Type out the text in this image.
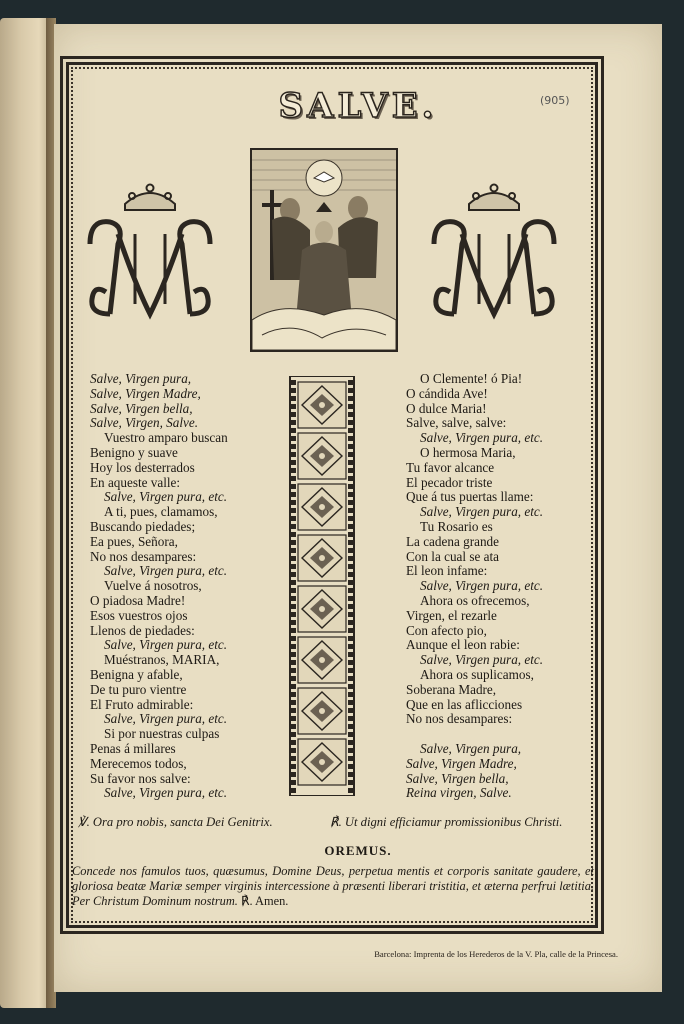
SALVE.	(905)
Salve, Virgen pura,
Salve, Virgen Madre,
Salve, Virgen bella,
Salve, Virgen, Salve.
Vuestro amparo buscan
Benigno y suave
Hoy los desterrados
En aqueste valle:
Salve, Virgen pura, etc.
A ti, pues, clamamos,
Buscando piedades;
Ea pues, Señora,
No nos desampares:
Salve, Virgen pura, etc.
Vuelve á nosotros,
O piadosa Madre!
Esos vuestros ojos
Llenos de piedades:
Salve, Virgen pura, etc.
Muéstranos, MARIA,
Benigna y afable,
De tu puro vientre
El Fruto admirable:
Salve, Virgen pura, etc.
Si por nuestras culpas
Penas á millares
Merecemos todos,
Su favor nos salve:
Salve, Virgen pura, etc.
O Clemente! ó Pia!
O cándida Ave!
O dulce Maria!
Salve, salve, salve:
Salve, Virgen pura, etc.
O hermosa Maria,
Tu favor alcance
El pecador triste
Que á tus puertas llame:
Salve, Virgen pura, etc.
Tu Rosario es
La cadena grande
Con la cual se ata
El leon infame:
Salve, Virgen pura, etc.
Ahora os ofrecemos,
Virgen, el rezarle
Con afecto pio,
Aunque el leon rabie:
Salve, Virgen pura, etc.
Ahora os suplicamos,
Soberana Madre,
Que en las aflicciones
No nos desampares:
Salve, Virgen pura,
Salve, Virgen Madre,
Salve, Virgen bella,
Reina virgen, Salve.
℣. Ora pro nobis, sancta Dei Genitrix.	℟. Ut digni efficiamur promissionibus Christi.
OREMUS.
Concede nos famulos tuos, quæsumus, Domine Deus, perpetua mentis et corporis sanitate gaudere, et gloriosa beatæ Mariæ semper virginis intercessione à præsenti liberari tristitia, et æterna perfrui lætitia. Per Christum Dominum nostrum. ℟. Amen.
Barcelona: Imprenta de los Herederos de la V. Pla, calle de la Princesa.
